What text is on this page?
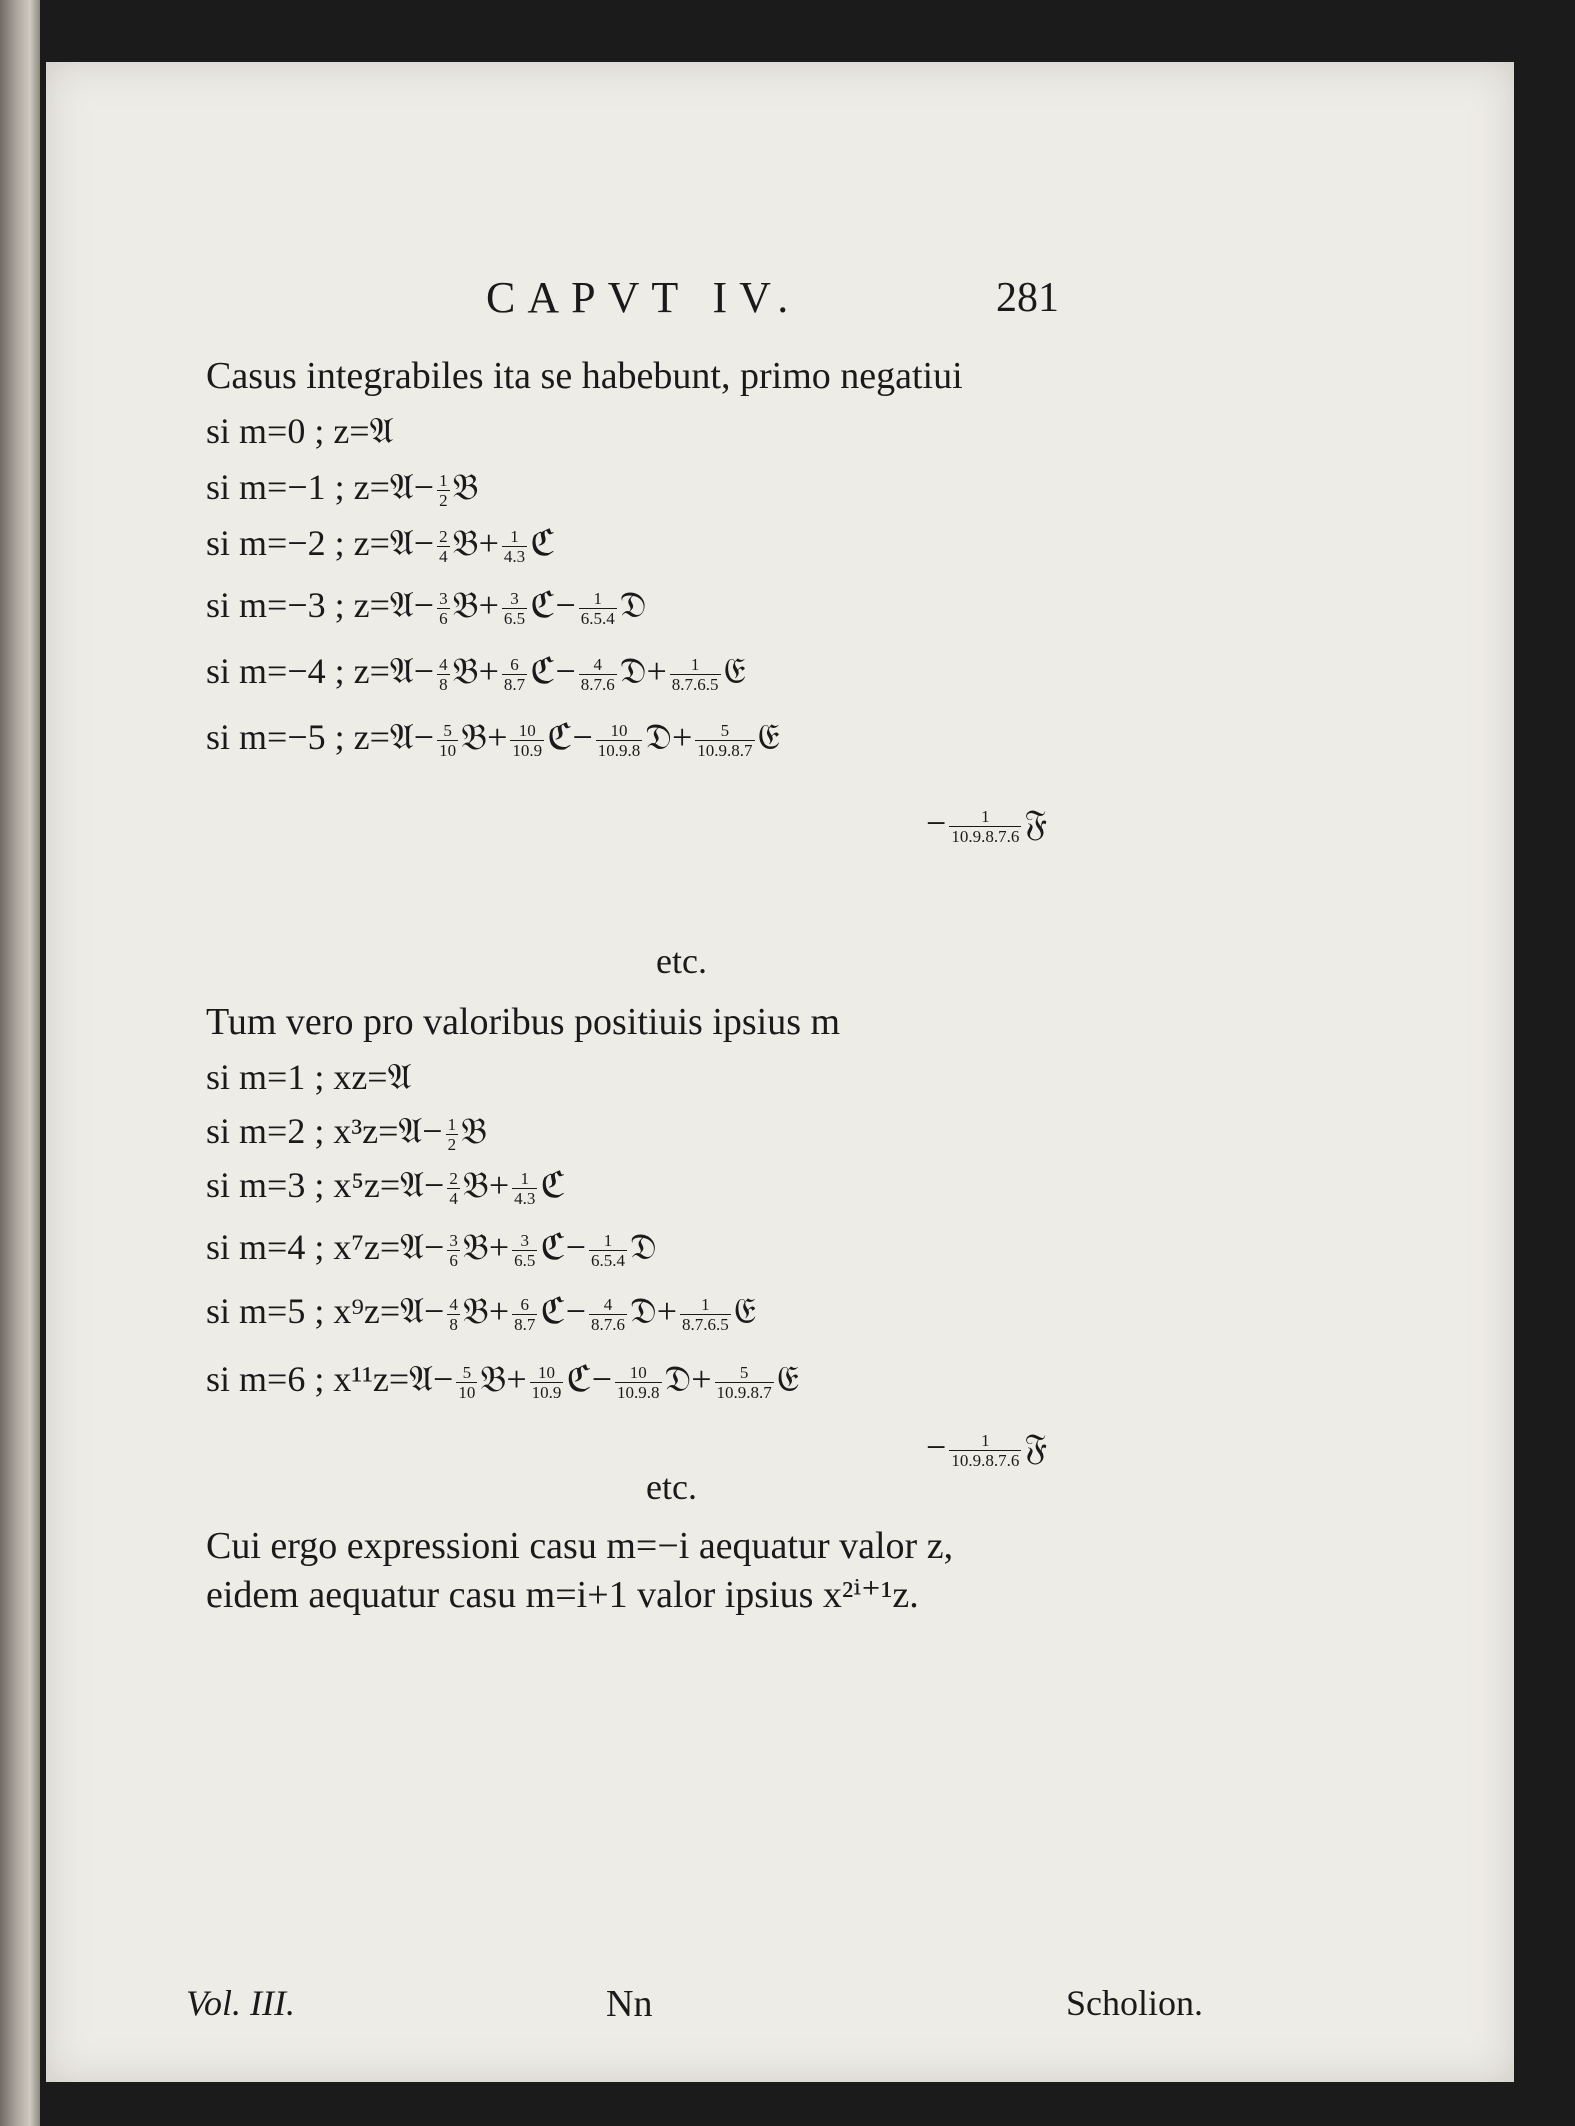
CAPVT IV.	281
Casus integrabiles ita se habebunt, primo negatiui
si m=0 ; z=𝔄
si m=−1 ; z=𝔄− $\frac{1}{2}$ 𝔅
si m=−2 ; z=𝔄− $\frac{2}{4}$ 𝔅+ $\frac{1}{4.3}$ ℭ
si m=−3 ; z=𝔄− $\frac{3}{6}$ 𝔅+ $\frac{3}{6.5}$ ℭ− $\frac{1}{6.5.4}$ 𝔇
si m=−4 ; z=𝔄− $\frac{4}{8}$ 𝔅+ $\frac{6}{8.7}$ ℭ− $\frac{4}{8.7.6}$ 𝔇+ $\frac{1}{8.7.6.5}$ 𝔈
si m=−5 ; z=𝔄− $\frac{5}{10}$ 𝔅+ $\frac{10}{10.9}$ ℭ− $\frac{10}{10.9.8}$ 𝔇+ $\frac{5}{10.9.8.7}$ 𝔈
− $\frac{1}{10.9.8.7.6}$ 𝔉
etc.
Tum vero pro valoribus positiuis ipsius m
si m=1 ; xz=𝔄
si m=2 ; x³z=𝔄− $\frac{1}{2}$ 𝔅
si m=3 ; x⁵z=𝔄− $\frac{2}{4}$ 𝔅+ $\frac{1}{4.3}$ ℭ
si m=4 ; x⁷z=𝔄− $\frac{3}{6}$ 𝔅+ $\frac{3}{6.5}$ ℭ− $\frac{1}{6.5.4}$ 𝔇
si m=5 ; x⁹z=𝔄− $\frac{4}{8}$ 𝔅+ $\frac{6}{8.7}$ ℭ− $\frac{4}{8.7.6}$ 𝔇+ $\frac{1}{8.7.6.5}$ 𝔈
si m=6 ; x¹¹z=𝔄− $\frac{5}{10}$ 𝔅+ $\frac{10}{10.9}$ ℭ− $\frac{10}{10.9.8}$ 𝔇+ $\frac{5}{10.9.8.7}$ 𝔈
− $\frac{1}{10.9.8.7.6}$ 𝔉
etc.
Cui ergo expressioni casu m=−i aequatur valor z,
eidem aequatur casu m=i+1 valor ipsius x²ⁱ⁺¹z.
Vol. III.	Nn	Scholion.
